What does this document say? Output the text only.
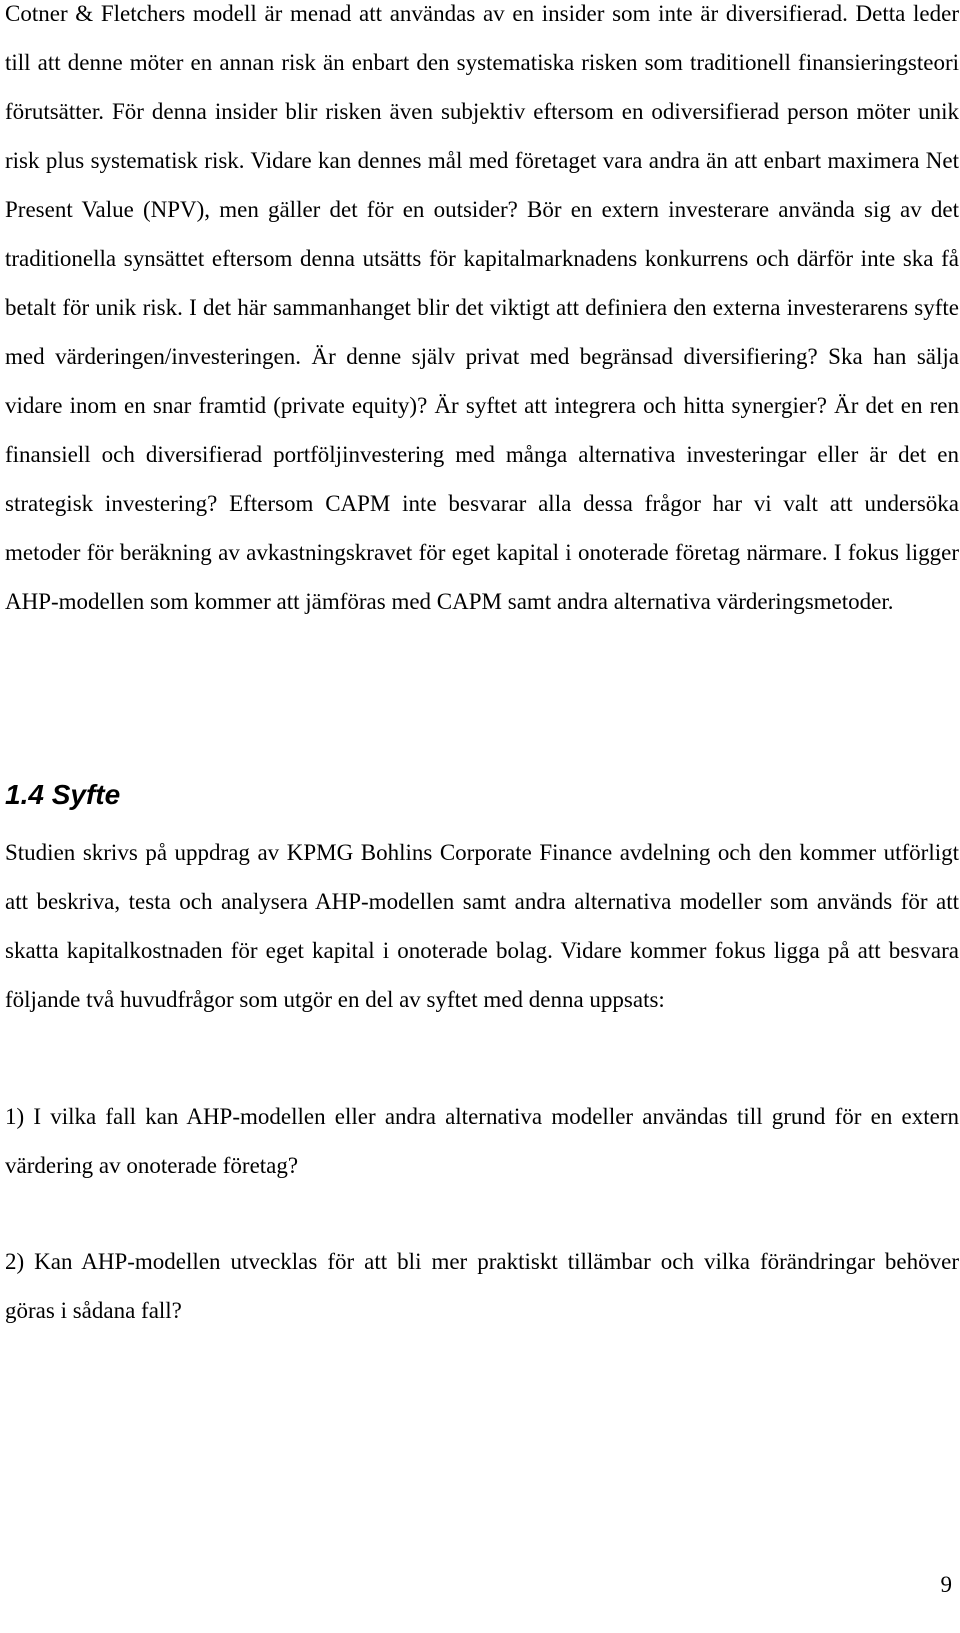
Cotner & Fletchers modell är menad att användas av en insider som inte är diversifierad. Detta leder till att denne möter en annan risk än enbart den systematiska risken som traditionell finansieringsteori förutsätter. För denna insider blir risken även subjektiv eftersom en odiversifierad person möter unik risk plus systematisk risk. Vidare kan dennes mål med företaget vara andra än att enbart maximera Net Present Value (NPV), men gäller det för en outsider? Bör en extern investerare använda sig av det traditionella synsättet eftersom denna utsätts för kapitalmarknadens konkurrens och därför inte ska få betalt för unik risk. I det här sammanhanget blir det viktigt att definiera den externa investerarens syfte med värderingen/investeringen. Är denne själv privat med begränsad diversifiering? Ska han sälja vidare inom en snar framtid (private equity)? Är syftet att integrera och hitta synergier? Är det en ren finansiell och diversifierad portföljinvestering med många alternativa investeringar eller är det en strategisk investering? Eftersom CAPM inte besvarar alla dessa frågor har vi valt att undersöka metoder för beräkning av avkastningskravet för eget kapital i onoterade företag närmare. I fokus ligger AHP-modellen som kommer att jämföras med CAPM samt andra alternativa värderingsmetoder.

1.4 Syfte

Studien skrivs på uppdrag av KPMG Bohlins Corporate Finance avdelning och den kommer utförligt att beskriva, testa och analysera AHP-modellen samt andra alternativa modeller som används för att skatta kapitalkostnaden för eget kapital i onoterade bolag. Vidare kommer fokus ligga på att besvara följande två huvudfrågor som utgör en del av syftet med denna uppsats:

1) I vilka fall kan AHP-modellen eller andra alternativa modeller användas till grund för en extern värdering av onoterade företag?

2) Kan AHP-modellen utvecklas för att bli mer praktiskt tillämbar och vilka förändringar behöver göras i sådana fall?

9
